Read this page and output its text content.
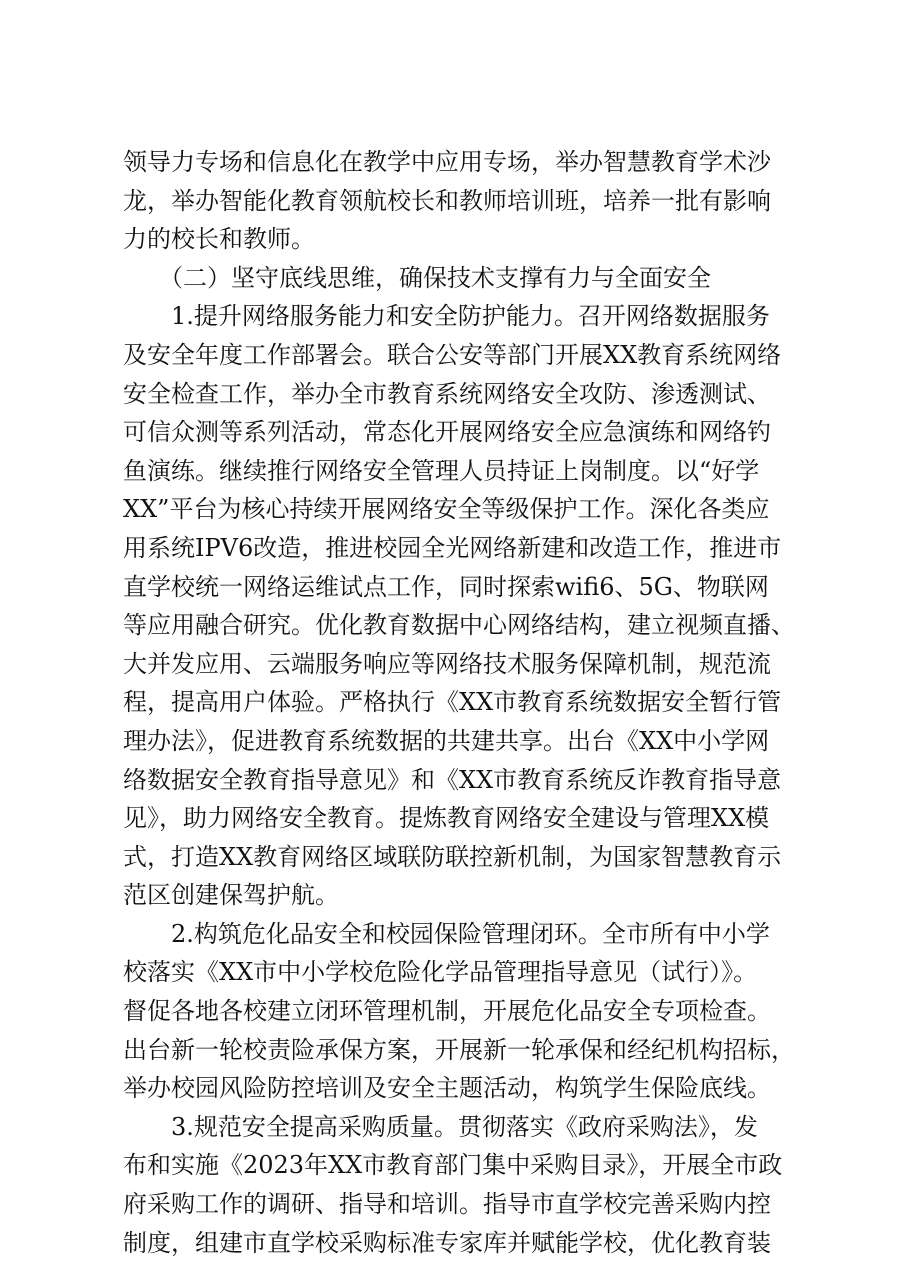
领导力专场和信息化在教学中应用专场，举办智慧教育学术沙
龙，举办智能化教育领航校长和教师培训班，培养一批有影响
力的校长和教师。
　　（二）坚守底线思维，确保技术支撑有力与全面安全
　　1.提升网络服务能力和安全防护能力。召开网络数据服务
及安全年度工作部署会。联合公安等部门开展XX教育系统网络
安全检查工作，举办全市教育系统网络安全攻防、渗透测试、
可信众测等系列活动，常态化开展网络安全应急演练和网络钓
鱼演练。继续推行网络安全管理人员持证上岗制度。以“好学
XX”平台为核心持续开展网络安全等级保护工作。深化各类应
用系统IPV6改造，推进校园全光网络新建和改造工作，推进市
直学校统一网络运维试点工作，同时探索wifi6、5G、物联网
等应用融合研究。优化教育数据中心网络结构，建立视频直播、
大并发应用、云端服务响应等网络技术服务保障机制，规范流
程，提高用户体验。严格执行《XX市教育系统数据安全暂行管
理办法》，促进教育系统数据的共建共享。出台《XX中小学网
络数据安全教育指导意见》和《XX市教育系统反诈教育指导意
见》，助力网络安全教育。提炼教育网络安全建设与管理XX模
式，打造XX教育网络区域联防联控新机制，为国家智慧教育示
范区创建保驾护航。
　　2.构筑危化品安全和校园保险管理闭环。全市所有中小学
校落实《XX市中小学校危险化学品管理指导意见（试行）》。
督促各地各校建立闭环管理机制，开展危化品安全专项检查。
出台新一轮校责险承保方案，开展新一轮承保和经纪机构招标，
举办校园风险防控培训及安全主题活动，构筑学生保险底线。
　　3.规范安全提高采购质量。贯彻落实《政府采购法》，发
布和实施《2023年XX市教育部门集中采购目录》，开展全市政
府采购工作的调研、指导和培训。指导市直学校完善采购内控
制度，组建市直学校采购标准专家库并赋能学校，优化教育装
